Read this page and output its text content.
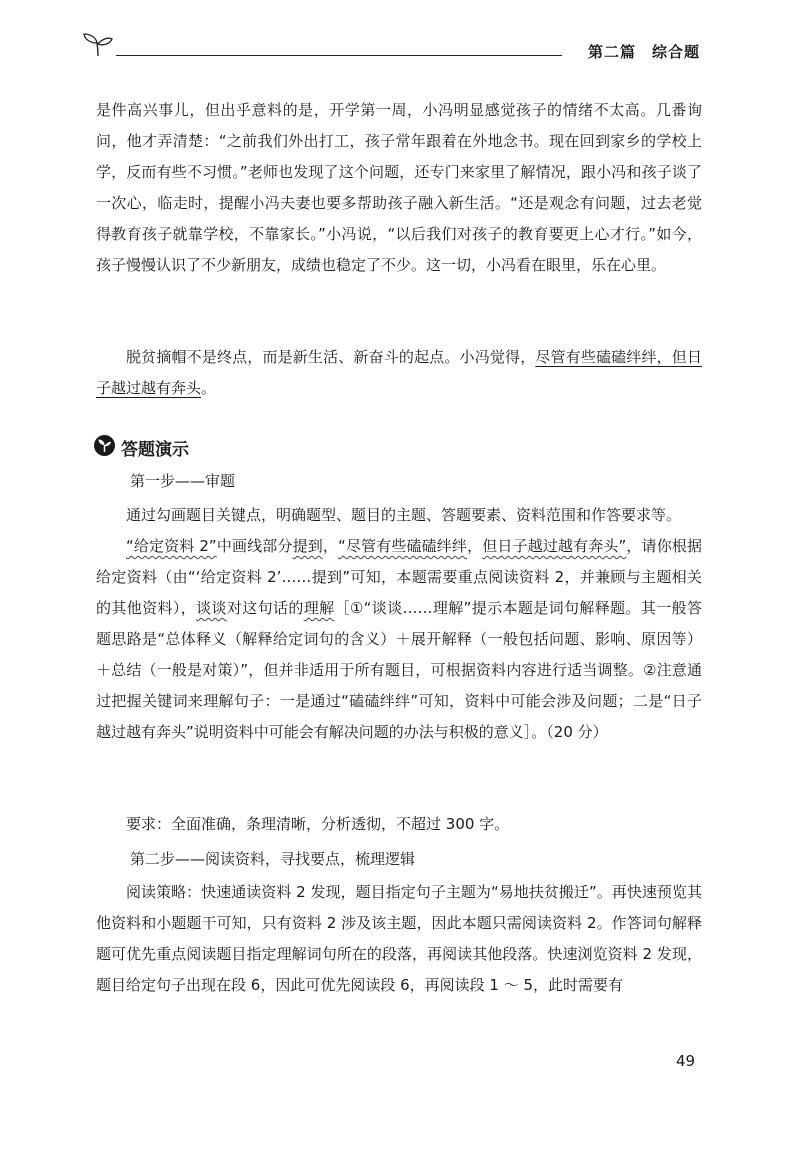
第二篇 综合题

是件高兴事儿，但出乎意料的是，开学第一周，小冯明显感觉孩子的情绪不太高。几番询问，他才弄清楚：“之前我们外出打工，孩子常年跟着在外地念书。现在回到家乡的学校上学，反而有些不习惯。”老师也发现了这个问题，还专门来家里了解情况，跟小冯和孩子谈了一次心，临走时，提醒小冯夫妻也要多帮助孩子融入新生活。“还是观念有问题，过去老觉得教育孩子就靠学校，不靠家长。”小冯说，“以后我们对孩子的教育要更上心才行。”如今，孩子慢慢认识了不少新朋友，成绩也稳定了不少。这一切，小冯看在眼里，乐在心里。

脱贫摘帽不是终点，而是新生活、新奋斗的起点。小冯觉得，尽管有些磕磕绊绊，但日子越过越有奔头。

答题演示
第一步——审题

通过勾画题目关键点，明确题型、题目的主题、答题要素、资料范围和作答要求等。

“给定资料 2”中画线部分提到，“尽管有些磕磕绊绊，但日子越过越有奔头”，请你根据给定资料（由“‘给定资料 2’……提到”可知，本题需要重点阅读资料 2，并兼顾与主题相关的其他资料），谈谈对这句话的理解［①“谈谈……理解”提示本题是词句解释题。其一般答题思路是“总体释义（解释给定词句的含义）＋展开解释（一般包括问题、影响、原因等）＋总结（一般是对策）”，但并非适用于所有题目，可根据资料内容进行适当调整。②注意通过把握关键词来理解句子：一是通过“磕磕绊绊”可知，资料中可能会涉及问题；二是“日子越过越有奔头”说明资料中可能会有解决问题的办法与积极的意义］。（20 分）

要求：全面准确，条理清晰，分析透彻，不超过 300 字。

第二步——阅读资料，寻找要点，梳理逻辑

阅读策略：快速通读资料 2 发现，题目指定句子主题为“易地扶贫搬迁”。再快速预览其他资料和小题题干可知，只有资料 2 涉及该主题，因此本题只需阅读资料 2。作答词句解释题可优先重点阅读题目指定理解词句所在的段落，再阅读其他段落。快速浏览资料 2 发现，题目给定句子出现在段 6，因此可优先阅读段 6，再阅读段 1 ～ 5，此时需要有

49
